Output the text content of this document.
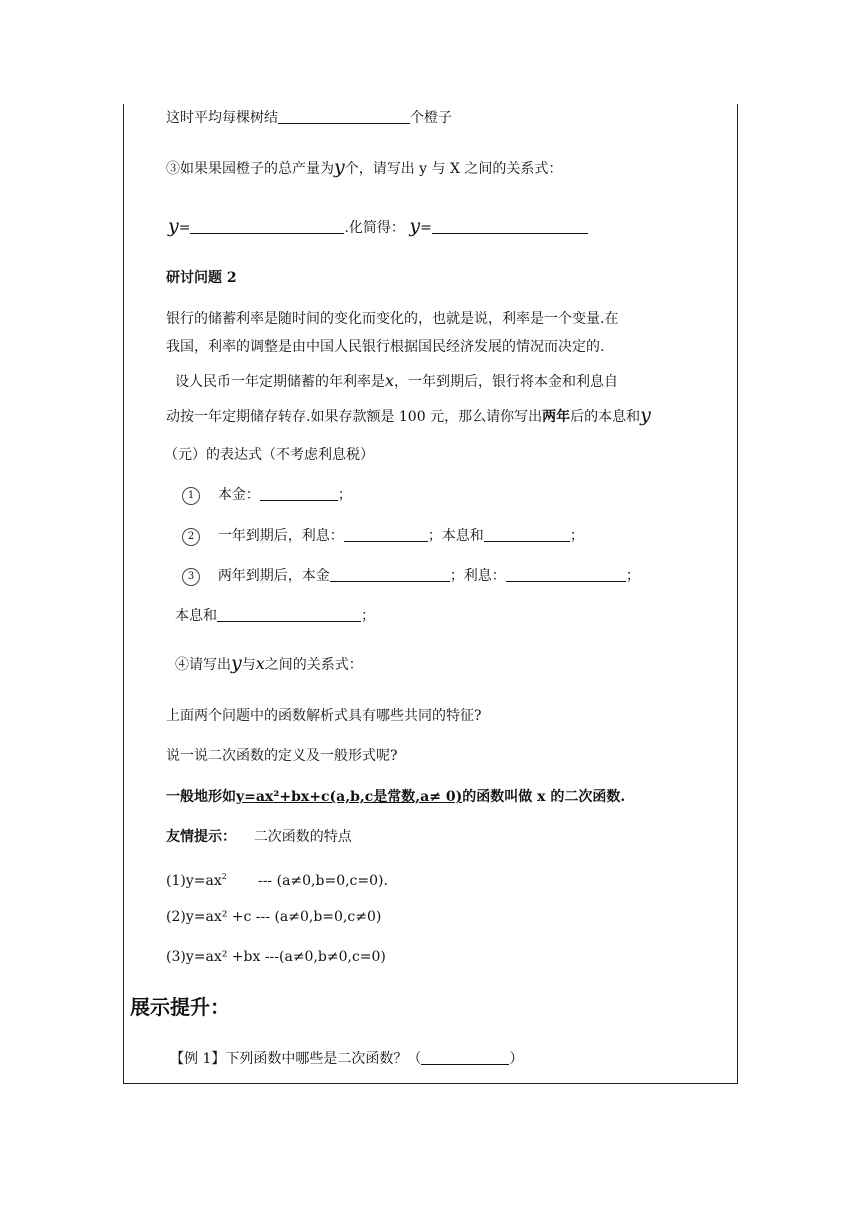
这时平均每棵树结	个橙子
③如果果园橙子的总产量为y个，请写出 y 与 X 之间的关系式：
y=	.化简得： y=
研讨问题 2
银行的储蓄利率是随时间的变化而变化的，也就是说，利率是一个变量.在
我国，利率的调整是由中国人民银行根据国民经济发展的情况而决定的.
设人民币一年定期储蓄的年利率是x，一年到期后，银行将本金和利息自
动按一年定期储存转存.如果存款额是 100 元，那么请你写出两年后的本息和y
（元）的表达式（不考虑利息税）
1 本金：	；
2 一年到期后，利息：	；本息和	；
3 两年到期后，本金	；利息：	；
本息和	；
④请写出y与x之间的关系式：
上面两个问题中的函数解析式具有哪些共同的特征?
说一说二次函数的定义及一般形式呢?
一般地形如y=ax²+bx+c(a,b,c是常数,a≠ 0)的函数叫做 x 的二次函数.
友情提示： 二次函数的特点
$(1)y=ax^2$ --- (a≠0,b=0,c=0).
(2)y=ax² +c --- (a≠0,b=0,c≠0)
(3)y=ax² +bx ---(a≠0,b≠0,c=0)
展示提升：
【例 1】下列函数中哪些是二次函数？（	）
